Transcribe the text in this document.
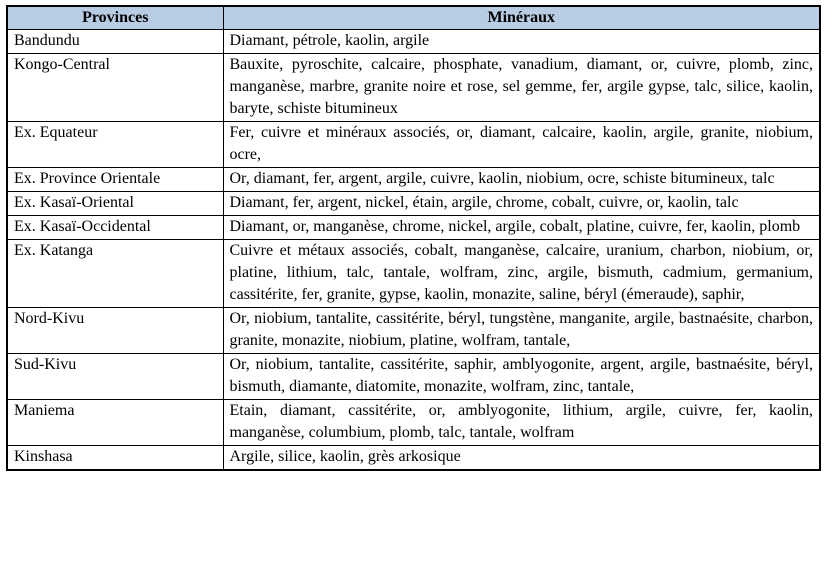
Provinces	Minéraux
Bandundu	Diamant, pétrole, kaolin, argile
Kongo-Central	Bauxite, pyroschite, calcaire, phosphate, vanadium, diamant, or, cuivre, plomb, zinc, manganèse, marbre, granite noire et rose, sel gemme, fer, argile gypse, talc, silice, kaolin, baryte, schiste bitumineux
Ex. Equateur	Fer, cuivre et minéraux associés, or, diamant, calcaire, kaolin, argile, granite, niobium, ocre,
Ex. Province Orientale	Or, diamant, fer, argent, argile, cuivre, kaolin, niobium, ocre, schiste bitumineux, talc
Ex. Kasaï-Oriental	Diamant, fer, argent, nickel, étain, argile, chrome, cobalt, cuivre, or, kaolin, talc
Ex. Kasaï-Occidental	Diamant, or, manganèse, chrome, nickel, argile, cobalt, platine, cuivre, fer, kaolin, plomb
Ex. Katanga	Cuivre et métaux associés, cobalt, manganèse, calcaire, uranium, charbon, niobium, or, platine, lithium, talc, tantale, wolfram, zinc, argile, bismuth, cadmium, germanium, cassitérite, fer, granite, gypse, kaolin, monazite, saline, béryl (émeraude), saphir,
Nord-Kivu	Or, niobium, tantalite, cassitérite, béryl, tungstène, manganite, argile, bastnaésite, charbon, granite, monazite, niobium, platine, wolfram, tantale,
Sud-Kivu	Or, niobium, tantalite, cassitérite, saphir, amblyogonite, argent, argile, bastnaésite, béryl, bismuth, diamante, diatomite, monazite, wolfram, zinc, tantale,
Maniema	Etain, diamant, cassitérite, or, amblyogonite, lithium, argile, cuivre, fer, kaolin, manganèse, columbium, plomb, talc, tantale, wolfram
Kinshasa	Argile, silice, kaolin, grès arkosique
